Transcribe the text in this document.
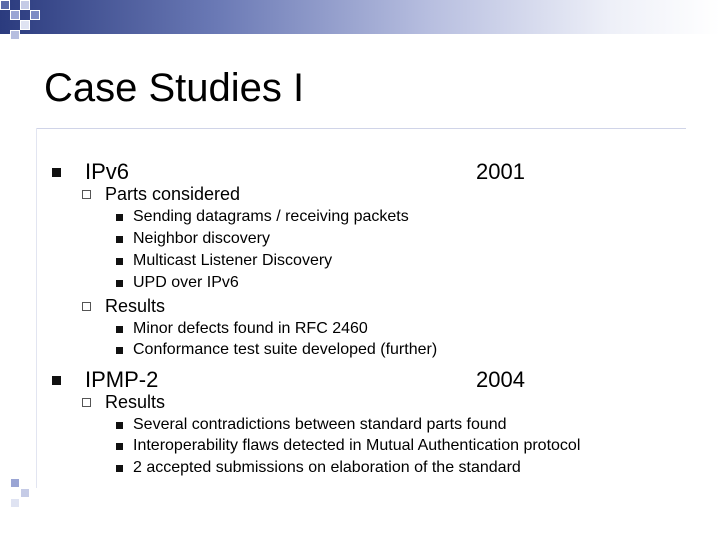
Case Studies I
IPv6	2001
Parts considered
Sending datagrams / receiving packets
Neighbor discovery
Multicast Listener Discovery
UPD over IPv6
Results
Minor defects found in RFC 2460
Conformance test suite developed (further)
IPMP-2	2004
Results
Several contradictions between standard parts found
Interoperability flaws detected in Mutual Authentication protocol
2 accepted submissions on elaboration of the standard
